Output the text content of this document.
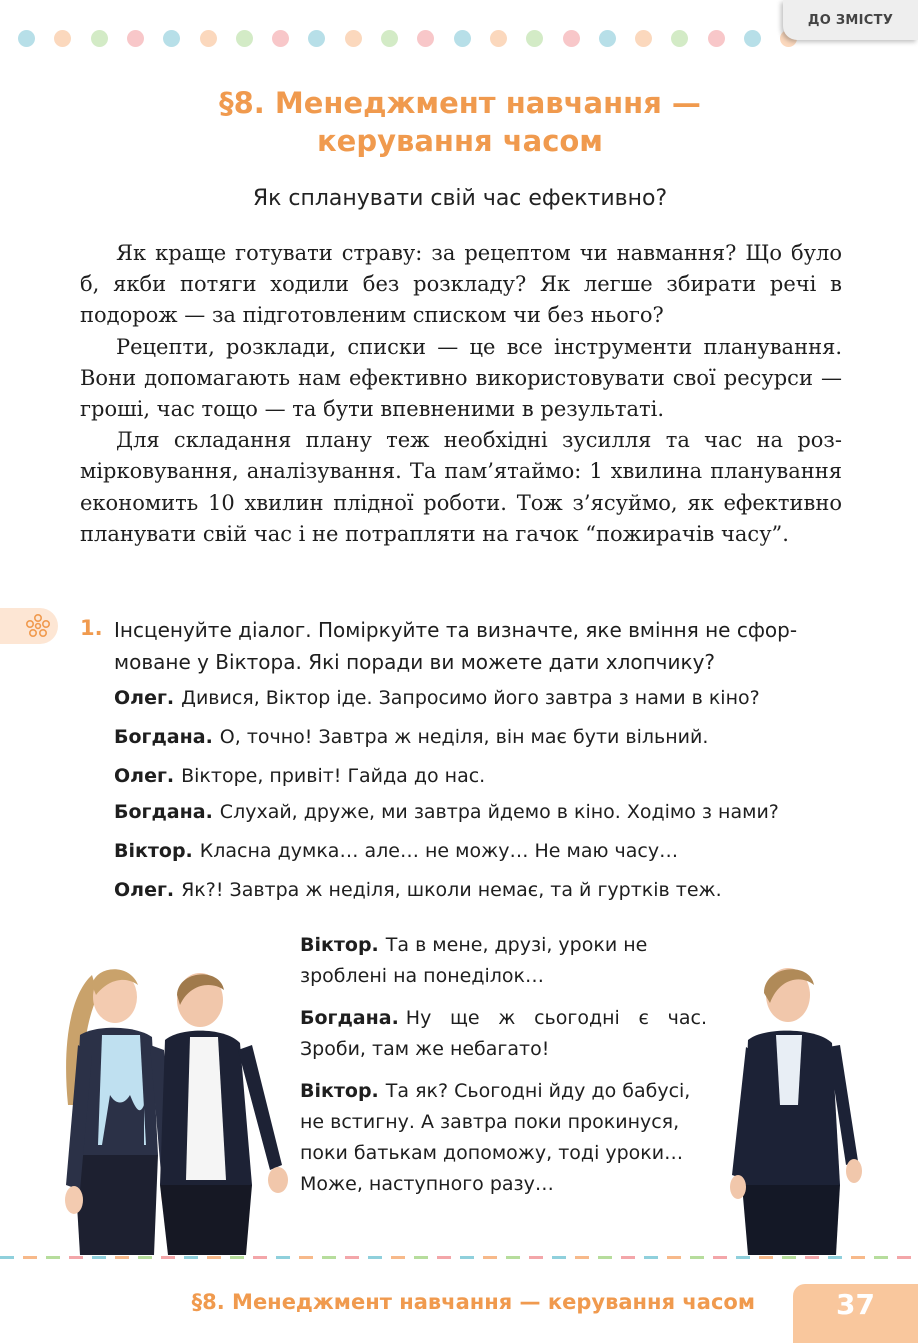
ДО ЗМІСТУ
§8. Менеджмент навчання —
керування часом
Як спланувати свій час ефективно?

Як краще готувати страву: за рецептом чи навмання? Що було б, якби потяги ходили без розкладу? Як легше збирати речі в подорож — за підготовленим списком чи без нього?

Рецепти, розклади, списки — це все інструменти планування. Вони допомагають нам ефективно використовувати свої ресурси — гроші, час тощо — та бути впевненими в результаті.

Для складання плану теж необхідні зусилля та час на розмірковування, аналізування. Та пам’ятаймо: 1 хвилина планування економить 10 хвилин плідної роботи. Тож з’ясуймо, як ефективно планувати свій час і не потрапляти на гачок “пожирачів часу”.

1. Інсценуйте діалог. Поміркуйте та визначте, яке вміння не сформоване у Віктора. Які поради ви можете дати хлопчику?
Олег. Дивися, Віктор іде. Запросимо його завтра з нами в кіно?
Богдана. О, точно! Завтра ж неділя, він має бути вільний.
Олег. Вікторе, привіт! Гайда до нас.
Богдана. Слухай, друже, ми завтра йдемо в кіно. Ходімо з нами?
Віктор. Класна думка… але… не можу… Не маю часу…
Олег. Як?! Завтра ж неділя, школи немає, та й гуртків теж.
Віктор. Та в мене, друзі, уроки не зроблені на понеділок…
Богдана. Ну ще ж сьогодні є час. Зроби, там же небагато!
Віктор. Та як? Сьогодні йду до бабусі, не встигну. А завтра поки прокинуся, поки батькам допоможу, тоді уроки… Може, наступного разу…
§8. Менеджмент навчання — керування часом	37
